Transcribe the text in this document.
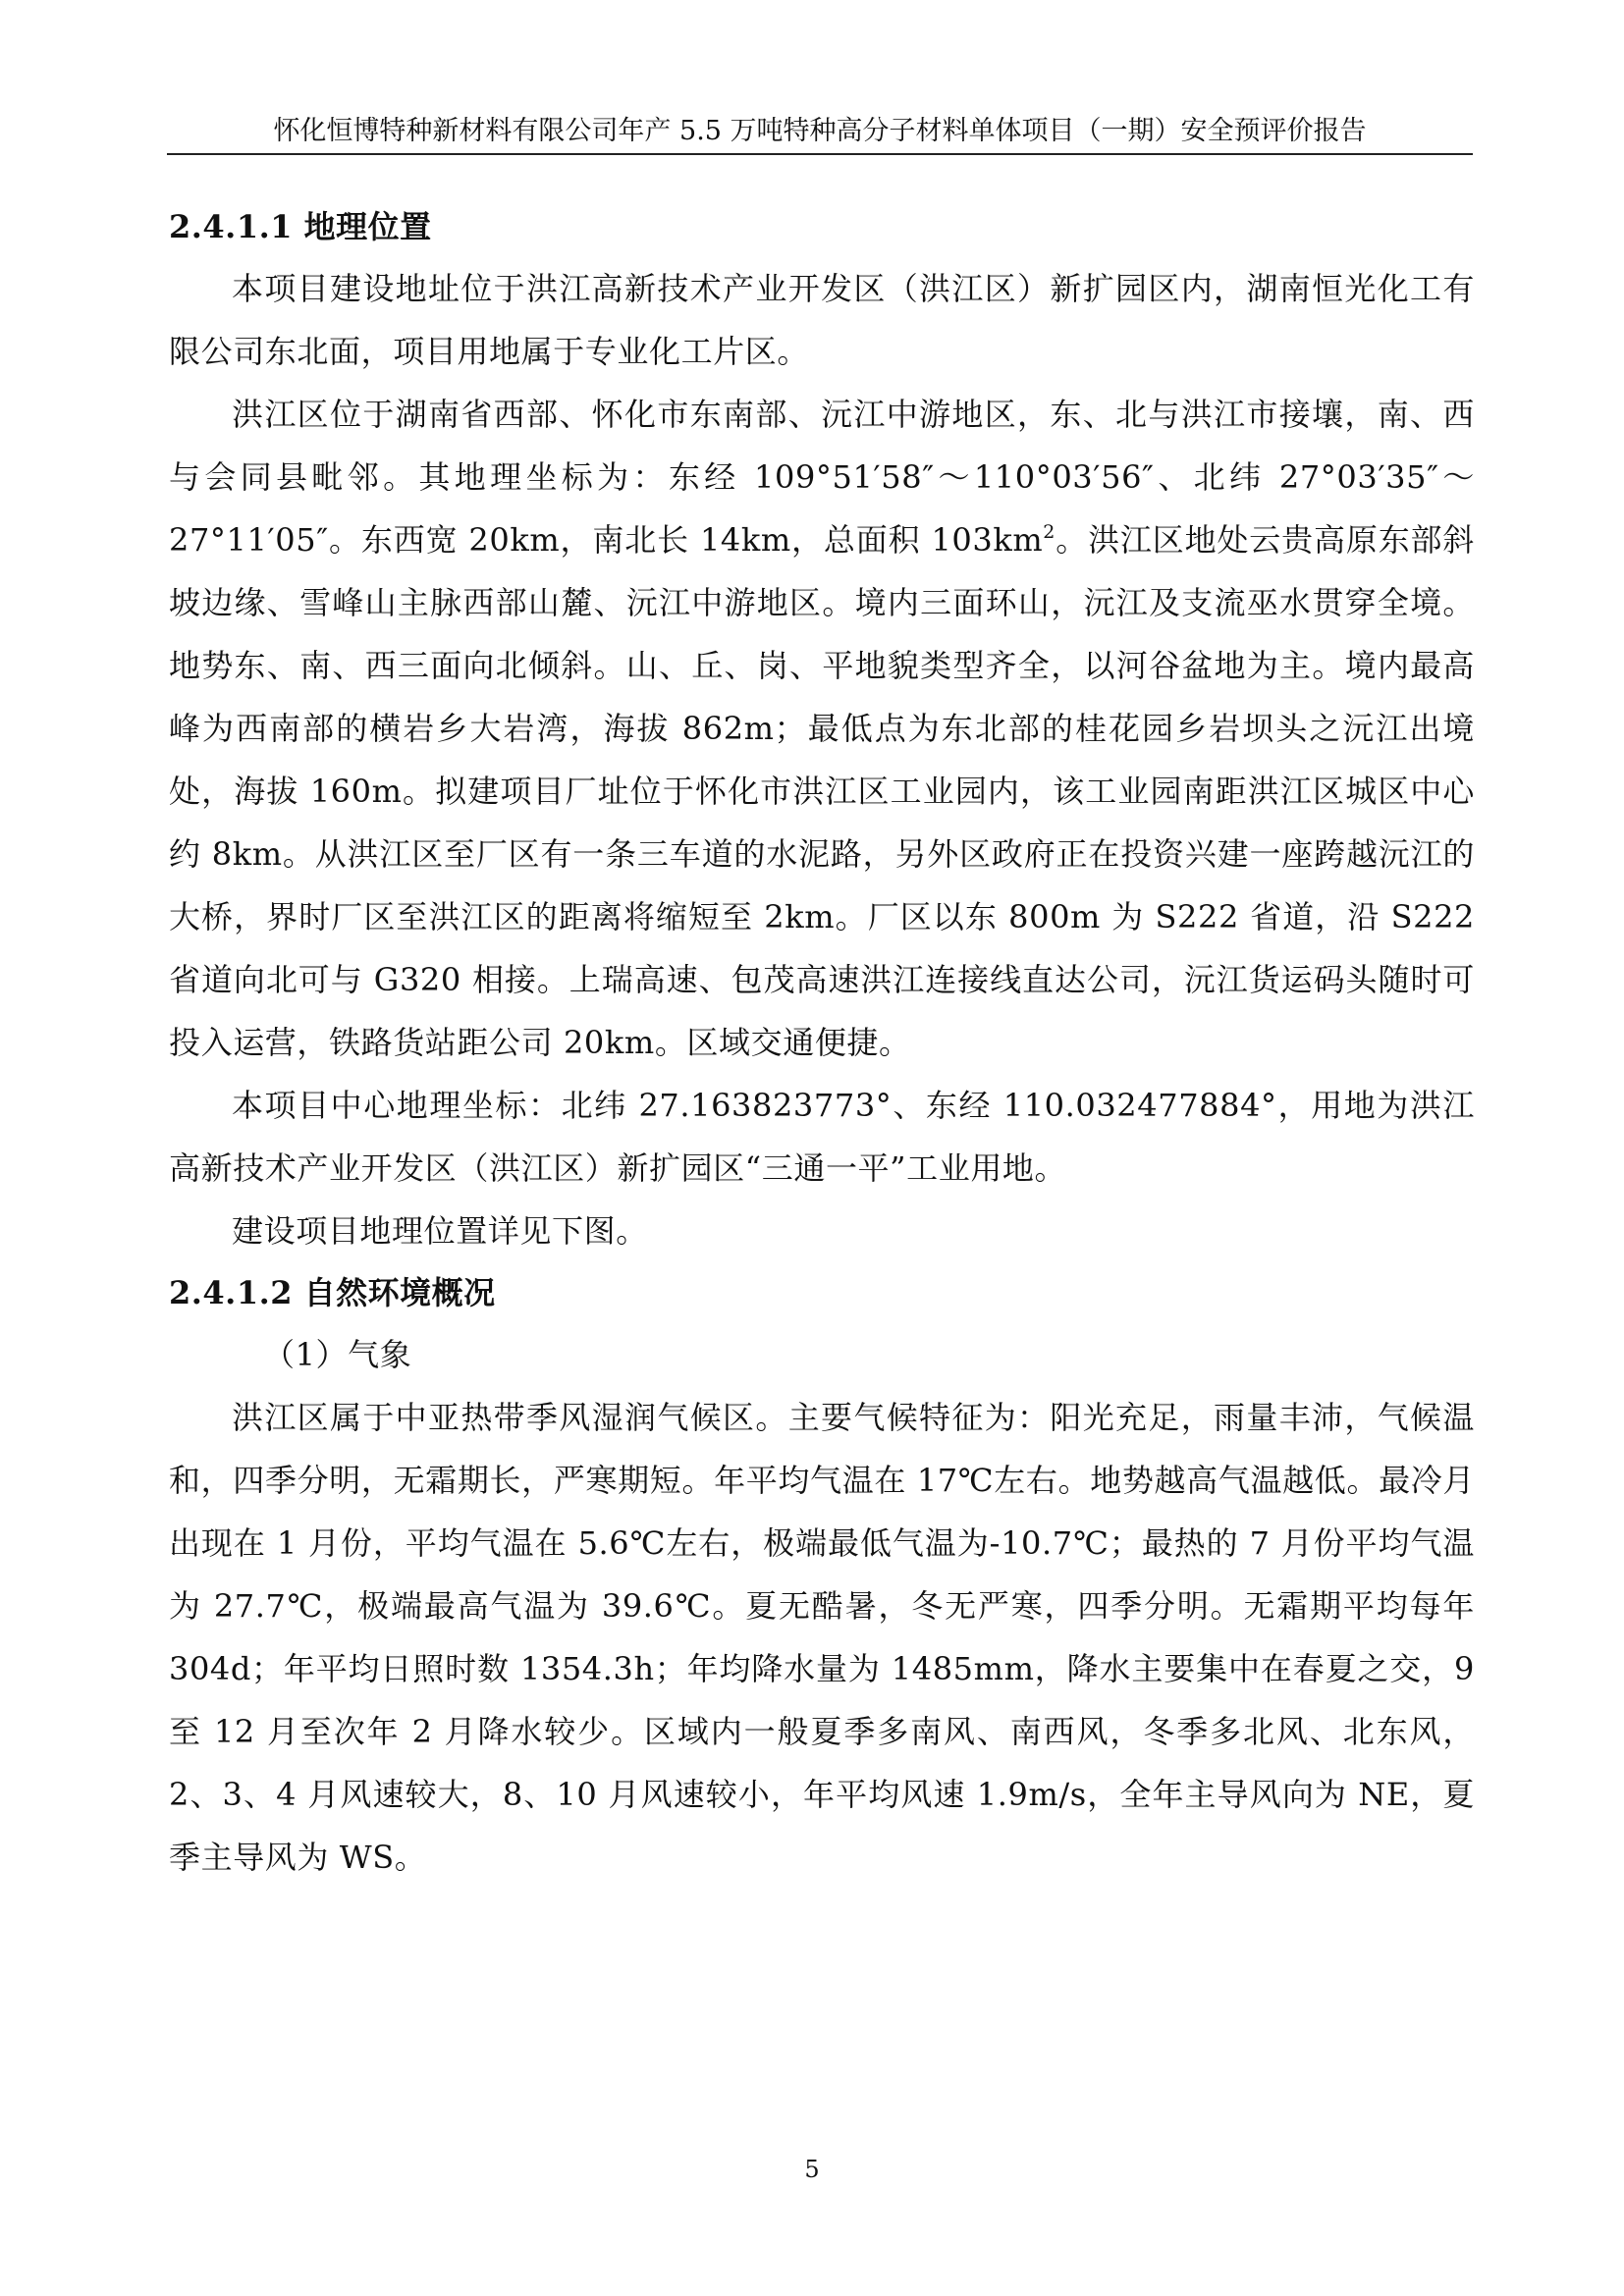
怀化恒博特种新材料有限公司年产 5.5 万吨特种高分子材料单体项目（一期）安全预评价报告
2.4.1.1 地理位置

本项目建设地址位于洪江高新技术产业开发区（洪江区）新扩园区内，湖南恒光化工有限公司东北面，项目用地属于专业化工片区。

洪江区位于湖南省西部、怀化市东南部、沅江中游地区，东、北与洪江市接壤，南、西与会同县毗邻。其地理坐标为：东经 109°51′58″～110°03′56″、北纬 27°03′35″～27°11′05″。东西宽 20km，南北长 14km，总面积 $103km^2$。洪江区地处云贵高原东部斜坡边缘、雪峰山主脉西部山麓、沅江中游地区。境内三面环山，沅江及支流巫水贯穿全境。地势东、南、西三面向北倾斜。山、丘、岗、平地貌类型齐全，以河谷盆地为主。境内最高峰为西南部的横岩乡大岩湾，海拔 862m；最低点为东北部的桂花园乡岩坝头之沅江出境处，海拔 160m。拟建项目厂址位于怀化市洪江区工业园内，该工业园南距洪江区城区中心约 8km。从洪江区至厂区有一条三车道的水泥路，另外区政府正在投资兴建一座跨越沅江的大桥，界时厂区至洪江区的距离将缩短至 2km。厂区以东 800m 为 S222 省道，沿 S222 省道向北可与 G320 相接。上瑞高速、包茂高速洪江连接线直达公司，沅江货运码头随时可投入运营，铁路货站距公司 20km。区域交通便捷。

本项目中心地理坐标：北纬 27.163823773°、东经 110.032477884°，用地为洪江高新技术产业开发区（洪江区）新扩园区“三通一平”工业用地。

建设项目地理位置详见下图。

2.4.1.2 自然环境概况

（1）气象

洪江区属于中亚热带季风湿润气候区。主要气候特征为：阳光充足，雨量丰沛，气候温和，四季分明，无霜期长，严寒期短。年平均气温在 17℃左右。地势越高气温越低。最冷月出现在 1 月份，平均气温在 5.6℃左右，极端最低气温为-10.7℃；最热的 7 月份平均气温为 27.7℃，极端最高气温为 39.6℃。夏无酷暑，冬无严寒，四季分明。无霜期平均每年 304d；年平均日照时数 1354.3h；年均降水量为 1485mm，降水主要集中在春夏之交，9 至 12 月至次年 2 月降水较少。区域内一般夏季多南风、南西风，冬季多北风、北东风，2、3、4 月风速较大，8、10 月风速较小，年平均风速 1.9m/s，全年主导风向为 NE，夏季主导风为 WS。

5
